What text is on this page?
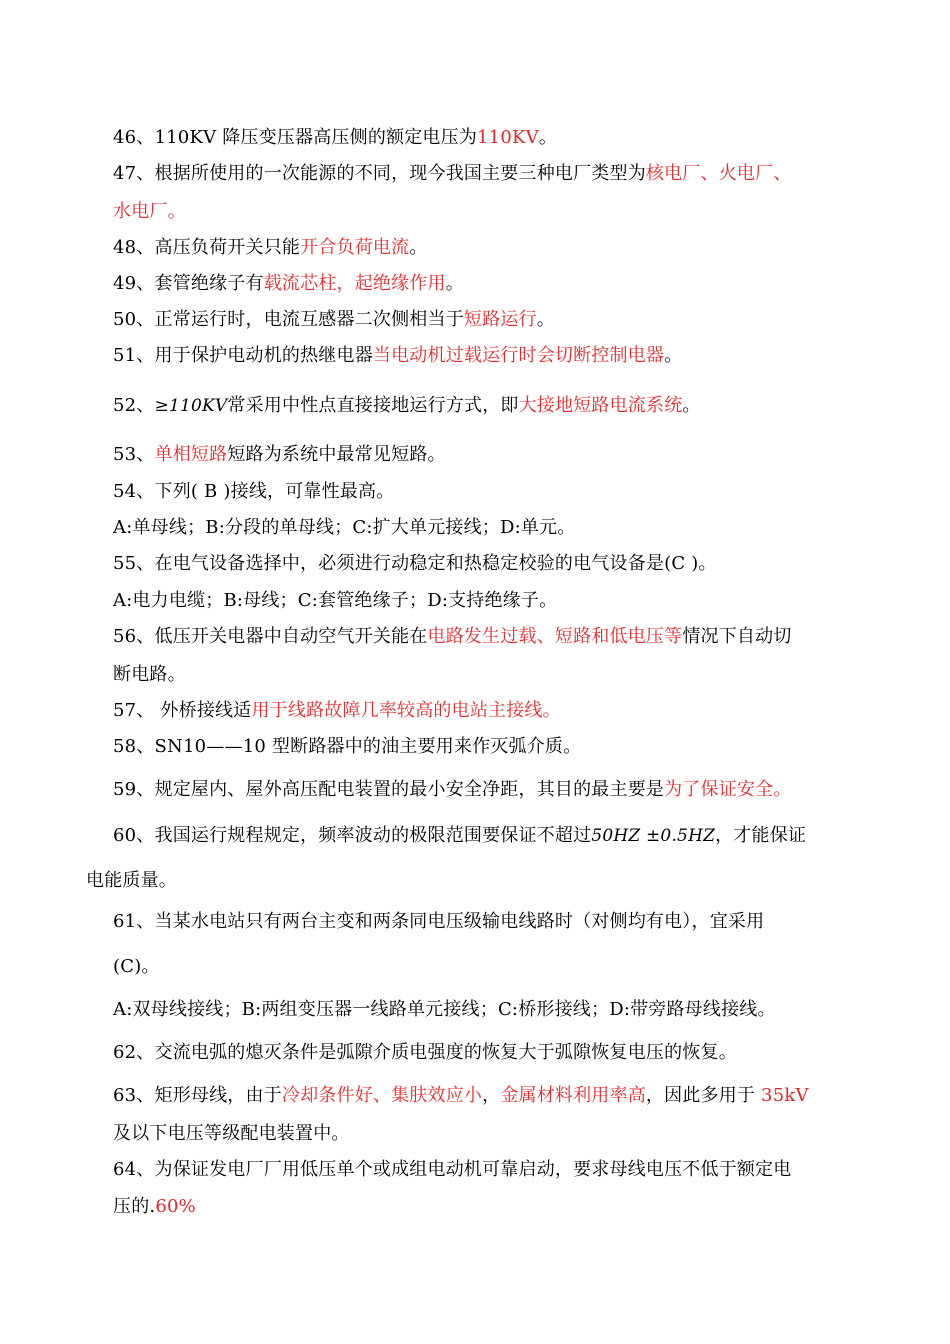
46、110KV 降压变压器高压侧的额定电压为110KV。
47、根据所使用的一次能源的不同，现今我国主要三种电厂类型为核电厂、火电厂、
水电厂。
48、高压负荷开关只能开合负荷电流。
49、套管绝缘子有载流芯柱，起绝缘作用。
50、正常运行时，电流互感器二次侧相当于短路运行。
51、用于保护电动机的热继电器当电动机过载运行时会切断控制电器。
52、≥110KV常采用中性点直接接地运行方式，即大接地短路电流系统。
53、单相短路短路为系统中最常见短路。
54、下列( B )接线，可靠性最高。
A:单母线；B:分段的单母线；C:扩大单元接线；D:单元。
55、在电气设备选择中，必须进行动稳定和热稳定校验的电气设备是(C )。
A:电力电缆；B:母线；C:套管绝缘子；D:支持绝缘子。
56、低压开关电器中自动空气开关能在电路发生过载、短路和低电压等情况下自动切
断电路。
57、 外桥接线适用于线路故障几率较高的电站主接线。
58、SN10——10 型断路器中的油主要用来作灭弧介质。
59、规定屋内、屋外高压配电装置的最小安全净距，其目的最主要是为了保证安全。
60、我国运行规程规定，频率波动的极限范围要保证不超过50HZ ±0.5HZ，才能保证
电能质量。
61、当某水电站只有两台主变和两条同电压级输电线路时（对侧均有电），宜采用
(C)。
A:双母线接线；B:两组变压器一线路单元接线；C:桥形接线；D:带旁路母线接线。
62、交流电弧的熄灭条件是弧隙介质电强度的恢复大于弧隙恢复电压的恢复。
63、矩形母线，由于冷却条件好、集肤效应小，金属材料利用率高，因此多用于 35kV
及以下电压等级配电装置中。
64、为保证发电厂厂用低压单个或成组电动机可靠启动，要求母线电压不低于额定电
压的.60%
